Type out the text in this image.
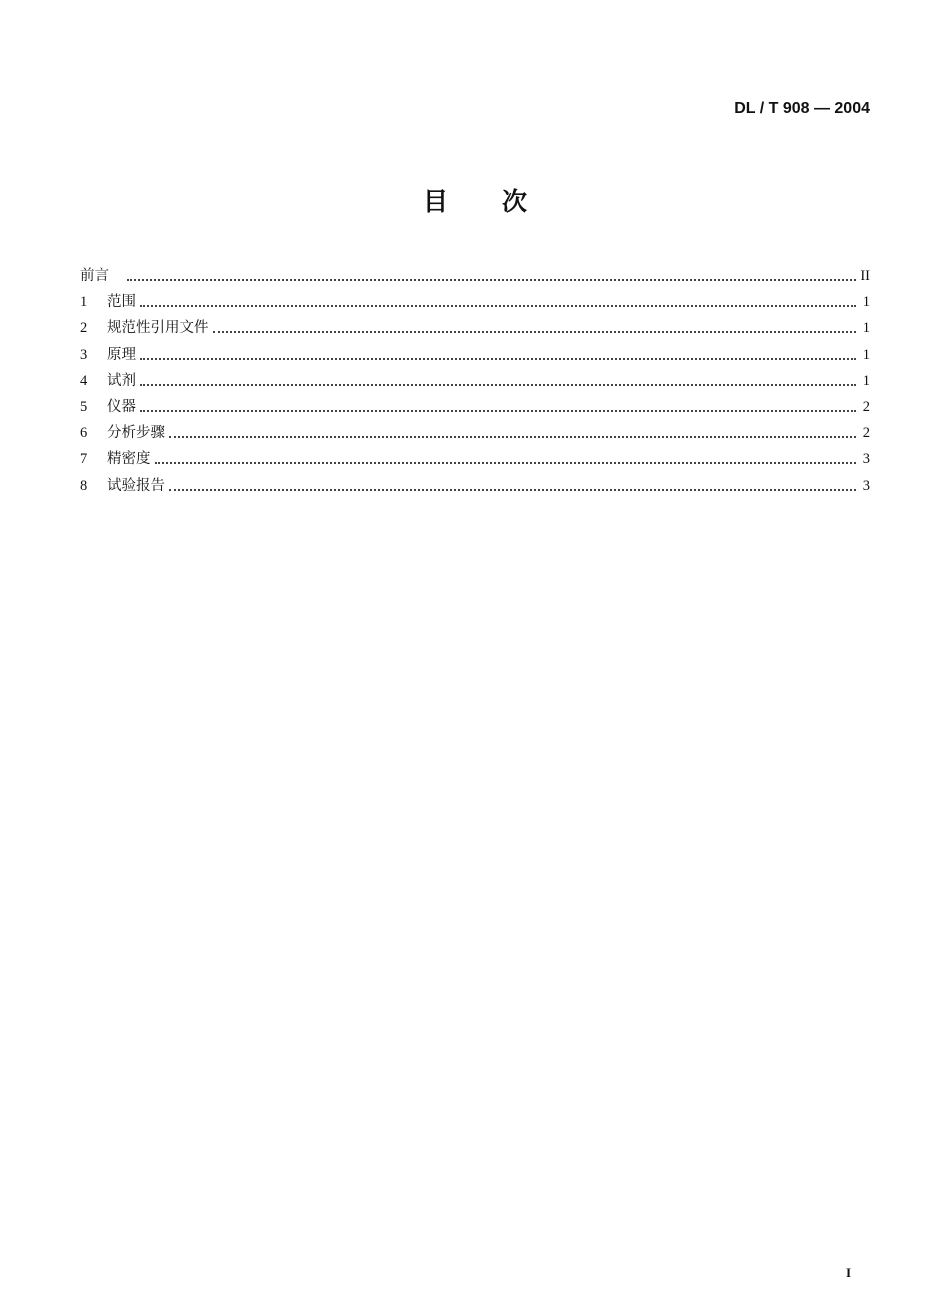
DL / T 908 — 2004
目次
前言	II
1	范围	1
2	规范性引用文件	1
3	原理	1
4	试剂	1
5	仪器	2
6	分析步骤	2
7	精密度	3
8	试验报告	3
I
